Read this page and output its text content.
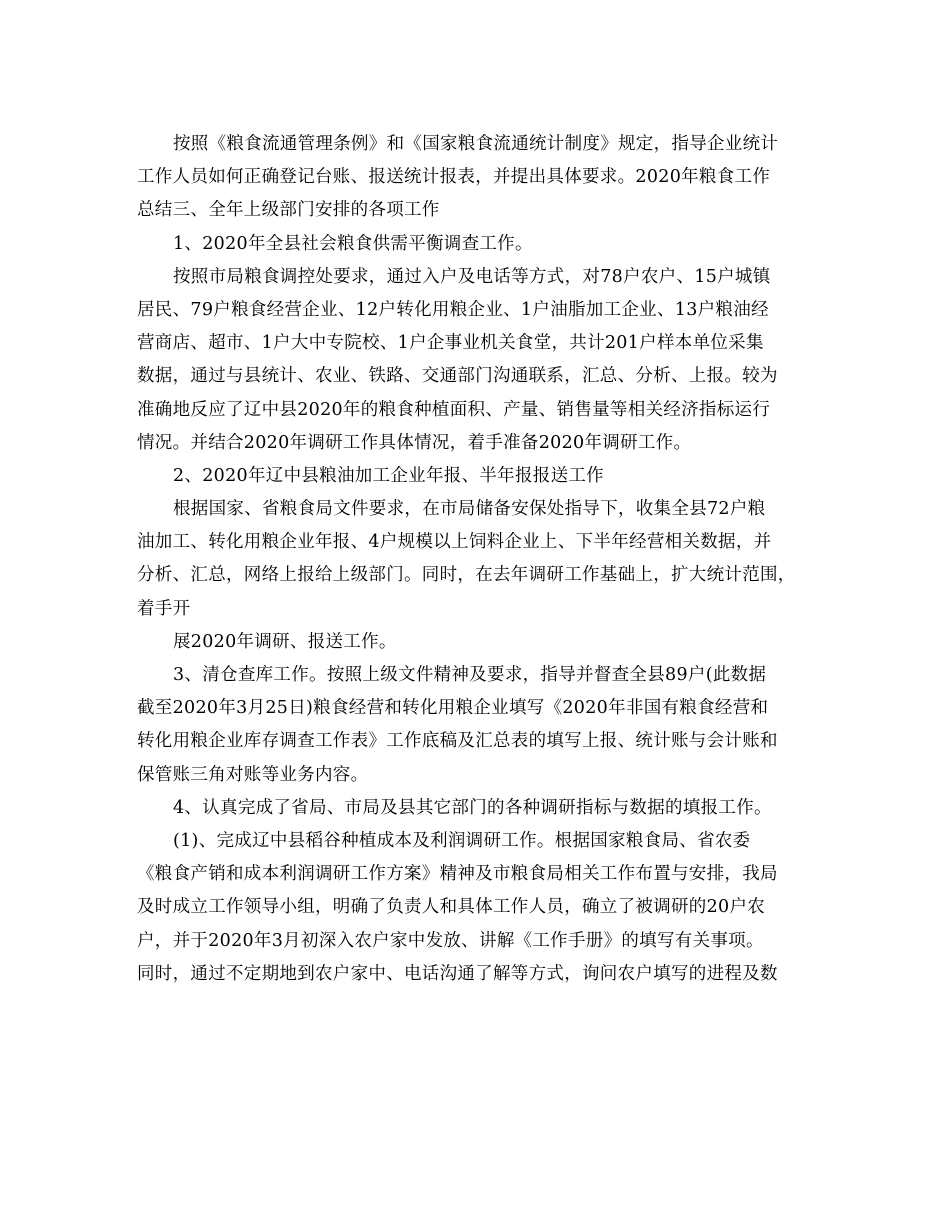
按照《粮食流通管理条例》和《国家粮食流通统计制度》规定，指导企业统计
工作人员如何正确登记台账、报送统计报表，并提出具体要求。2020年粮食工作
总结三、全年上级部门安排的各项工作
1、2020年全县社会粮食供需平衡调查工作。
按照市局粮食调控处要求，通过入户及电话等方式，对78户农户、15户城镇
居民、79户粮食经营企业、12户转化用粮企业、1户油脂加工企业、13户粮油经
营商店、超市、1户大中专院校、1户企事业机关食堂，共计201户样本单位采集
数据，通过与县统计、农业、铁路、交通部门沟通联系，汇总、分析、上报。较为
准确地反应了辽中县2020年的粮食种植面积、产量、销售量等相关经济指标运行
情况。并结合2020年调研工作具体情况，着手准备2020年调研工作。
2、2020年辽中县粮油加工企业年报、半年报报送工作
根据国家、省粮食局文件要求，在市局储备安保处指导下，收集全县72户粮
油加工、转化用粮企业年报、4户规模以上饲料企业上、下半年经营相关数据，并
分析、汇总，网络上报给上级部门。同时，在去年调研工作基础上，扩大统计范围，
着手开
展2020年调研、报送工作。
3、清仓查库工作。按照上级文件精神及要求，指导并督查全县89户(此数据
截至2020年3月25日)粮食经营和转化用粮企业填写《2020年非国有粮食经营和
转化用粮企业库存调查工作表》工作底稿及汇总表的填写上报、统计账与会计账和
保管账三角对账等业务内容。
4、认真完成了省局、市局及县其它部门的各种调研指标与数据的填报工作。
(1)、完成辽中县稻谷种植成本及利润调研工作。根据国家粮食局、省农委
《粮食产销和成本利润调研工作方案》精神及市粮食局相关工作布置与安排，我局
及时成立工作领导小组，明确了负责人和具体工作人员，确立了被调研的20户农
户，并于2020年3月初深入农户家中发放、讲解《工作手册》的填写有关事项。
同时，通过不定期地到农户家中、电话沟通了解等方式，询问农户填写的进程及数
